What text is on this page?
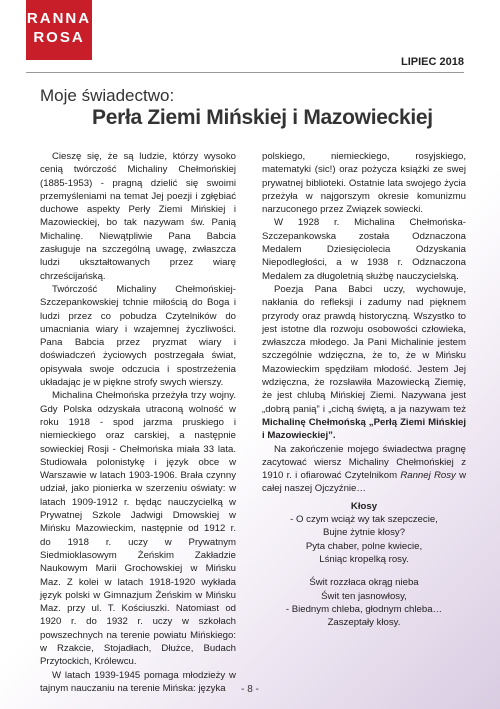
RANNA
ROSA
LIPIEC 2018
Moje świadectwo:
Perła Ziemi Mińskiej i Mazowieckiej

Cieszę się, że są ludzie, którzy wysoko cenią twórczość Michaliny Chełmońskiej (1885-1953) - pragną dzielić się swoimi przemyśleniami na temat Jej poezji i zgłębiać duchowe aspekty Perły Ziemi Mińskiej i Mazowieckiej, bo tak nazywam św. Panią Michalinę. Niewątpliwie Pana Babcia zasługuje na szczególną uwagę, zwłaszcza ludzi ukształtowanych przez wiarę chrześcijańską.

Twórczość Michaliny Chełmońskiej-Szczepankowskiej tchnie miłością do Boga i ludzi przez co pobudza Czytelników do umacniania wiary i wzajemnej życzliwości. Pana Babcia przez pryzmat wiary i doświadczeń życiowych postrzegała świat, opisywała swoje odczucia i spostrzeżenia układając je w piękne strofy swych wierszy.

Michalina Chełmońska przeżyła trzy wojny. Gdy Polska odzyskała utraconą wolność w roku 1918 - spod jarzma pruskiego i niemieckiego oraz carskiej, a następnie sowieckiej Rosji - Chełmońska miała 33 lata. Studiowała polonistykę i język obce w Warszawie w latach 1903-1906. Brała czynny udział, jako pionierka w szerzeniu oświaty: w latach 1909-1912 r. będąc nauczycielką w Prywatnej Szkole Jadwigi Dmowskiej w Mińsku Mazowieckim, następnie od 1912 r. do 1918 r. uczy w Prywatnym Siedmioklasowym Żeńskim Zakładzie Naukowym Marii Grochowskiej w Mińsku Maz. Z kolei w latach 1918-1920 wykłada język polski w Gimnazjum Żeńskim w Mińsku Maz. przy ul. T. Kościuszki. Natomiast od 1920 r. do 1932 r. uczy w szkołach powszechnych na terenie powiatu Mińskiego: w Rzakcie, Stojadłach, Dłużce, Budach Przytockich, Królewcu.

W latach 1939-1945 pomaga młodzieży w tajnym nauczaniu na terenie Mińska: języka

polskiego, niemieckiego, rosyjskiego, matematyki (sic!) oraz pożycza książki ze swej prywatnej biblioteki. Ostatnie lata swojego życia przeżyła w najgorszym okresie komunizmu narzuconego przez Związek sowiecki.

W 1928 r. Michalina Chełmońska-Szczepankowska została Odznaczona Medalem Dziesięciolecia Odzyskania Niepodległości, a w 1938 r. Odznaczona Medalem za długoletnią służbę nauczycielską.

Poezja Pana Babci uczy, wychowuje, nakłania do refleksji i zadumy nad pięknem przyrody oraz prawdą historyczną. Wszystko to jest istotne dla rozwoju osobowości człowieka, zwłaszcza młodego. Ja Pani Michalinie jestem szczególnie wdzięczna, że to, że w Mińsku Mazowieckim spędziłam młodość. Jestem Jej wdzięczna, że rozsławiła Mazowiecką Ziemię, że jest chlubą Mińskiej Ziemi. Nazywana jest „dobrą panią” i „cichą świętą, a ja nazywam też Michalinę Chełmońską „Perłą Ziemi Mińskiej i Mazowieckiej”.

Na zakończenie mojego świadectwa pragnę zacytować wiersz Michaliny Chełmońskiej z 1910 r. i ofiarować Czytelnikom Rannej Rosy w całej naszej Ojczyźnie…

Kłosy
- O czym wciąż wy tak szepczecie,
Bujne żytnie kłosy?
Pyta chaber, polne kwiecie,
Lśniąc kropelką rosy.
Świt rozzłaca okrąg nieba
Świt ten jasnowłosy,
- Biednym chleba, głodnym chleba…
Zaszeptały kłosy.
- 8 -
